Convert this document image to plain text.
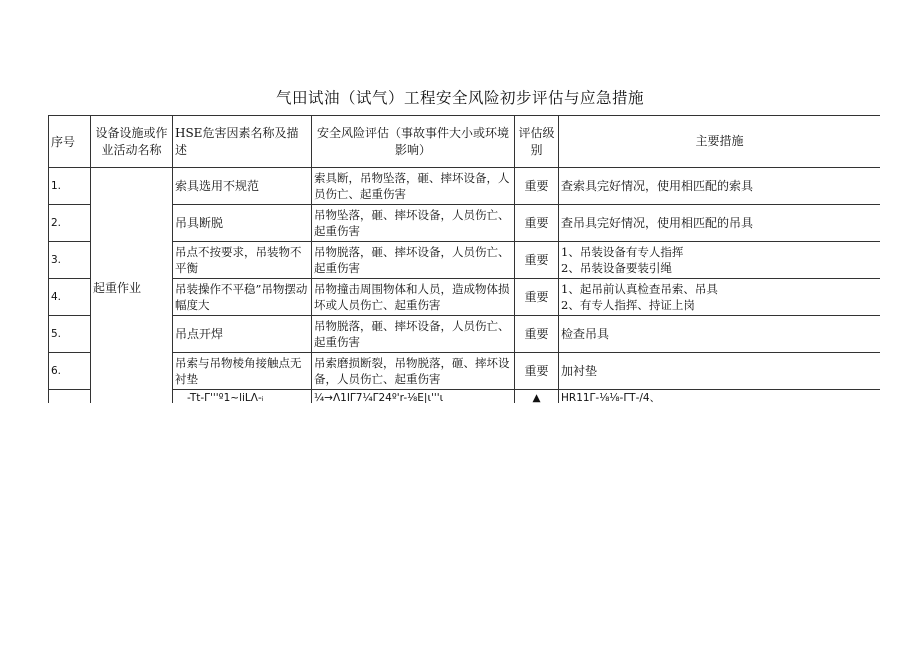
气田试油（试气）工程安全风险初步评估与应急措施
序号	设备设施或作业活动名称	HSE危害因素名称及描述	安全风险评估（事故事件大小或环境影响）	评估级别	主要措施
1.	起重作业	索具选用不规范	索具断，吊物坠落，砸、摔坏设备，人员伤亡、起重伤害	重要	查索具完好情况，使用相匹配的索具
2.		吊具断脱	吊物坠落，砸、摔坏设备，人员伤亡、起重伤害	重要	查吊具完好情况，使用相匹配的吊具
3.		吊点不按要求，吊装物不平衡	吊物脱落，砸、摔坏设备，人员伤亡、起重伤害	重要	1、吊装设备有专人指挥
2、吊装设备要装引绳
4.		吊装操作不平稳”吊物摆动幅度大	吊物撞击周围物体和人员，造成物体损坏或人员伤亡、起重伤害	重要	1、起吊前认真检查吊索、吊具
2、有专人指挥、持证上岗
5.		吊点开焊	吊物脱落，砸、摔坏设备，人员伤亡、起重伤害	重要	检查吊具
6.		吊索与吊物棱角接触点无衬垫	吊索磨损断裂，吊物脱落，砸、摔坏设备，人员伤亡、起重伤害	重要	加衬垫
		-Tt-Γ'''º1~liLΛ-ᵢ	¼→Λ1ΙΓ7¼Γ24º'r-⅛Ε|ι'''ι	▲	HR11Γ-⅛⅛-ΓΤ-/4、
